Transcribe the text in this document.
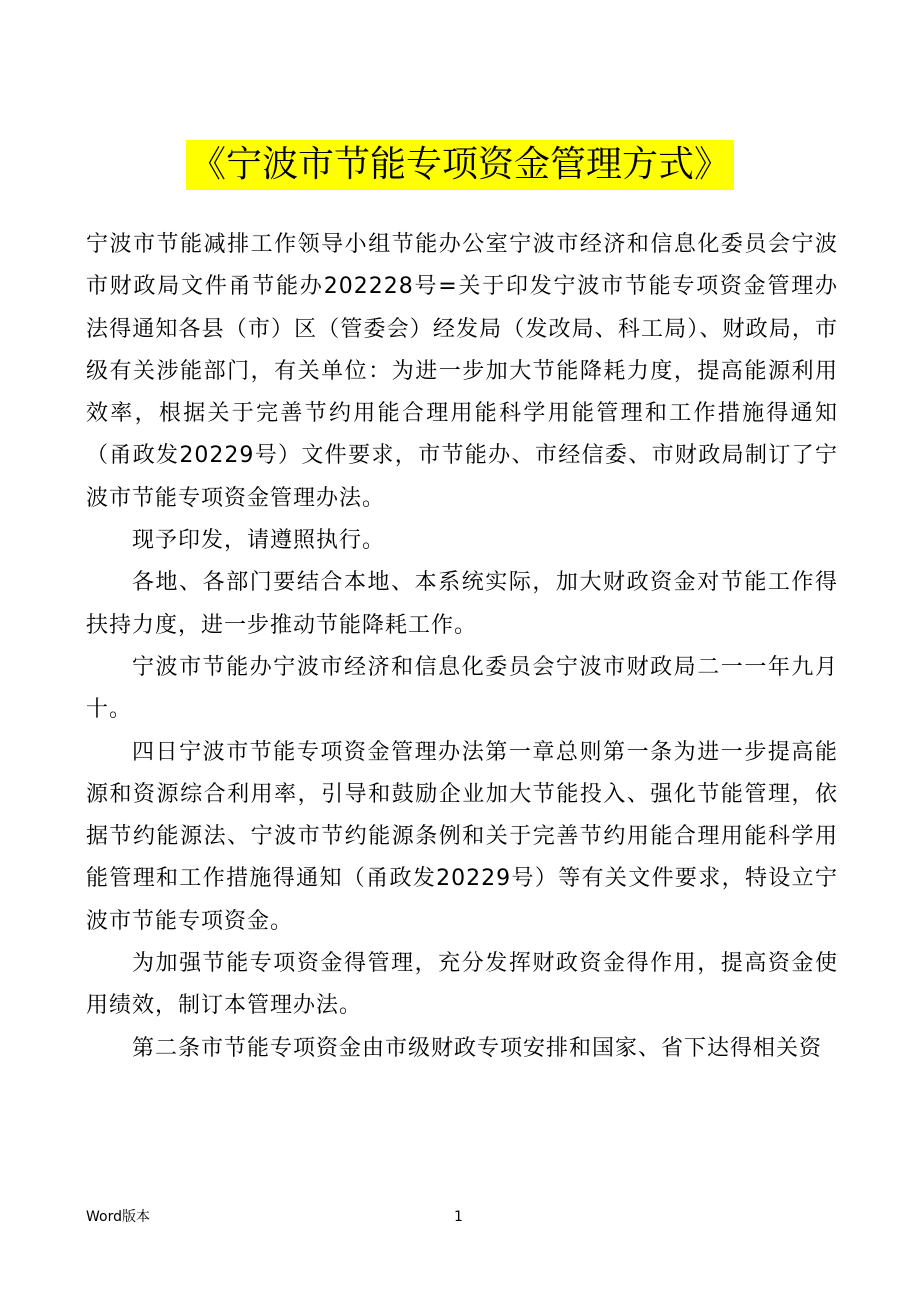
《宁波市节能专项资金管理方式》

宁波市节能减排工作领导小组节能办公室宁波市经济和信息化委员会宁波市财政局文件甬节能办202228号=关于印发宁波市节能专项资金管理办法得通知各县（市）区（管委会）经发局（发改局、科工局）、财政局，市级有关涉能部门，有关单位：为进一步加大节能降耗力度，提高能源利用效率，根据关于完善节约用能合理用能科学用能管理和工作措施得通知（甬政发20229号）文件要求，市节能办、市经信委、市财政局制订了宁波市节能专项资金管理办法。

现予印发，请遵照执行。

各地、各部门要结合本地、本系统实际，加大财政资金对节能工作得扶持力度，进一步推动节能降耗工作。

宁波市节能办宁波市经济和信息化委员会宁波市财政局二一一年九月十。

四日宁波市节能专项资金管理办法第一章总则第一条为进一步提高能源和资源综合利用率，引导和鼓励企业加大节能投入、强化节能管理，依据节约能源法、宁波市节约能源条例和关于完善节约用能合理用能科学用能管理和工作措施得通知（甬政发20229号）等有关文件要求，特设立宁波市节能专项资金。

为加强节能专项资金得管理，充分发挥财政资金得作用，提高资金使用绩效，制订本管理办法。

第二条市节能专项资金由市级财政专项安排和国家、省下达得相关资

Word版本	1
